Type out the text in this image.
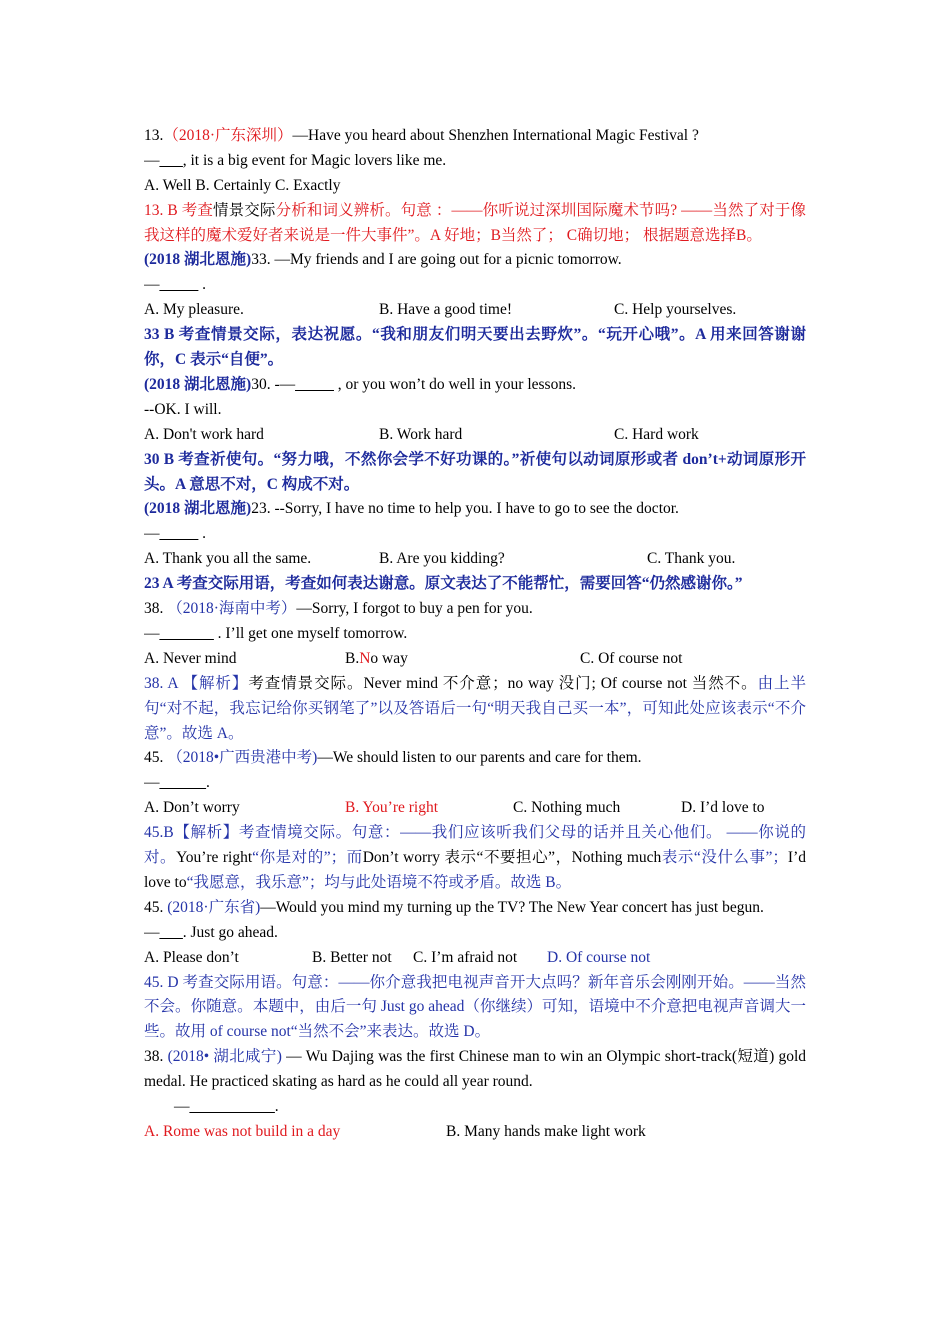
13.（2018·广东深圳）—Have you heard about Shenzhen International Magic Festival ?
—___, it is a big event for Magic lovers like me.
A. Well B. Certainly C. Exactly
13. B 考查情景交际分析和词义辨析。句意 ：——你听说过深圳国际魔术节吗? ——当然了对于像我这样的魔术爱好者来说是一件大事件”。A 好地；B当然了； C确切地； 根据题意选择B。
(2018 湖北恩施)33. —My friends and I are going out for a picnic tomorrow.
—_____ .
A. My pleasure.	B. Have a good time!	C. Help yourselves.
33 B 考查情景交际，表达祝愿。“我和朋友们明天要出去野炊”。“玩开心哦”。A 用来回答谢谢你，C 表示“自便”。
(2018 湖北恩施)30. -—_____ , or you won’t do well in your lessons.
--OK. I will.
A. Don't work hard	B. Work hard	C. Hard work
30 B 考查祈使句。“努力哦，不然你会学不好功课的。”祈使句以动词原形或者 don’t+动词原形开头。A 意思不对，C 构成不对。
(2018 湖北恩施)23. --Sorry, I have no time to help you. I have to go to see the doctor.
—_____ .
A. Thank you all the same.	B. Are you kidding?	C. Thank you.
23 A 考查交际用语，考查如何表达谢意。原文表达了不能帮忙，需要回答“仍然感谢你。”
38. （2018·海南中考）—Sorry, I forgot to buy a pen for you.
—_______ . I’ll get one myself tomorrow.
A. Never mind	B.No way	C. Of course not
38. A 【解析】考查情景交际。Never mind 不介意；no way 没门; Of course not 当然不。由上半句“对不起，我忘记给你买钢笔了”以及答语后一句“明天我自己买一本”，可知此处应该表示“不介意”。故选 A。
45. （2018•广西贵港中考)—We should listen to our parents and care for them.
—______.
A. Don’t worry	B. You’re right	C. Nothing much	D. I’d love to
45.B【解析】考查情境交际。句意：——我们应该听我们父母的话并且关心他们。 ——你说的对。You’re right“你是对的”；而Don’t worry 表示“不要担心”，Nothing much表示“没什么事”；I’d love to“我愿意，我乐意”；均与此处语境不符或矛盾。故选 B。
45. (2018·广东省)—Would you mind my turning up the TV? The New Year concert has just begun.
—___. Just go ahead.
A. Please don’t	B. Better not	C. I’m afraid not	D. Of course not
45. D 考查交际用语。句意：——你介意我把电视声音开大点吗？新年音乐会刚刚开始。——当然不会。你随意。本题中，由后一句 Just go ahead（你继续）可知，语境中不介意把电视声音调大一些。故用 of course not“当然不会”来表达。故选 D。
38. (2018• 湖北咸宁) — Wu Dajing was the first Chinese man to win an Olympic short-track(短道) gold medal. He practiced skating as hard as he could all year round.
—___________.
A. Rome was not build in a day	B. Many hands make light work
